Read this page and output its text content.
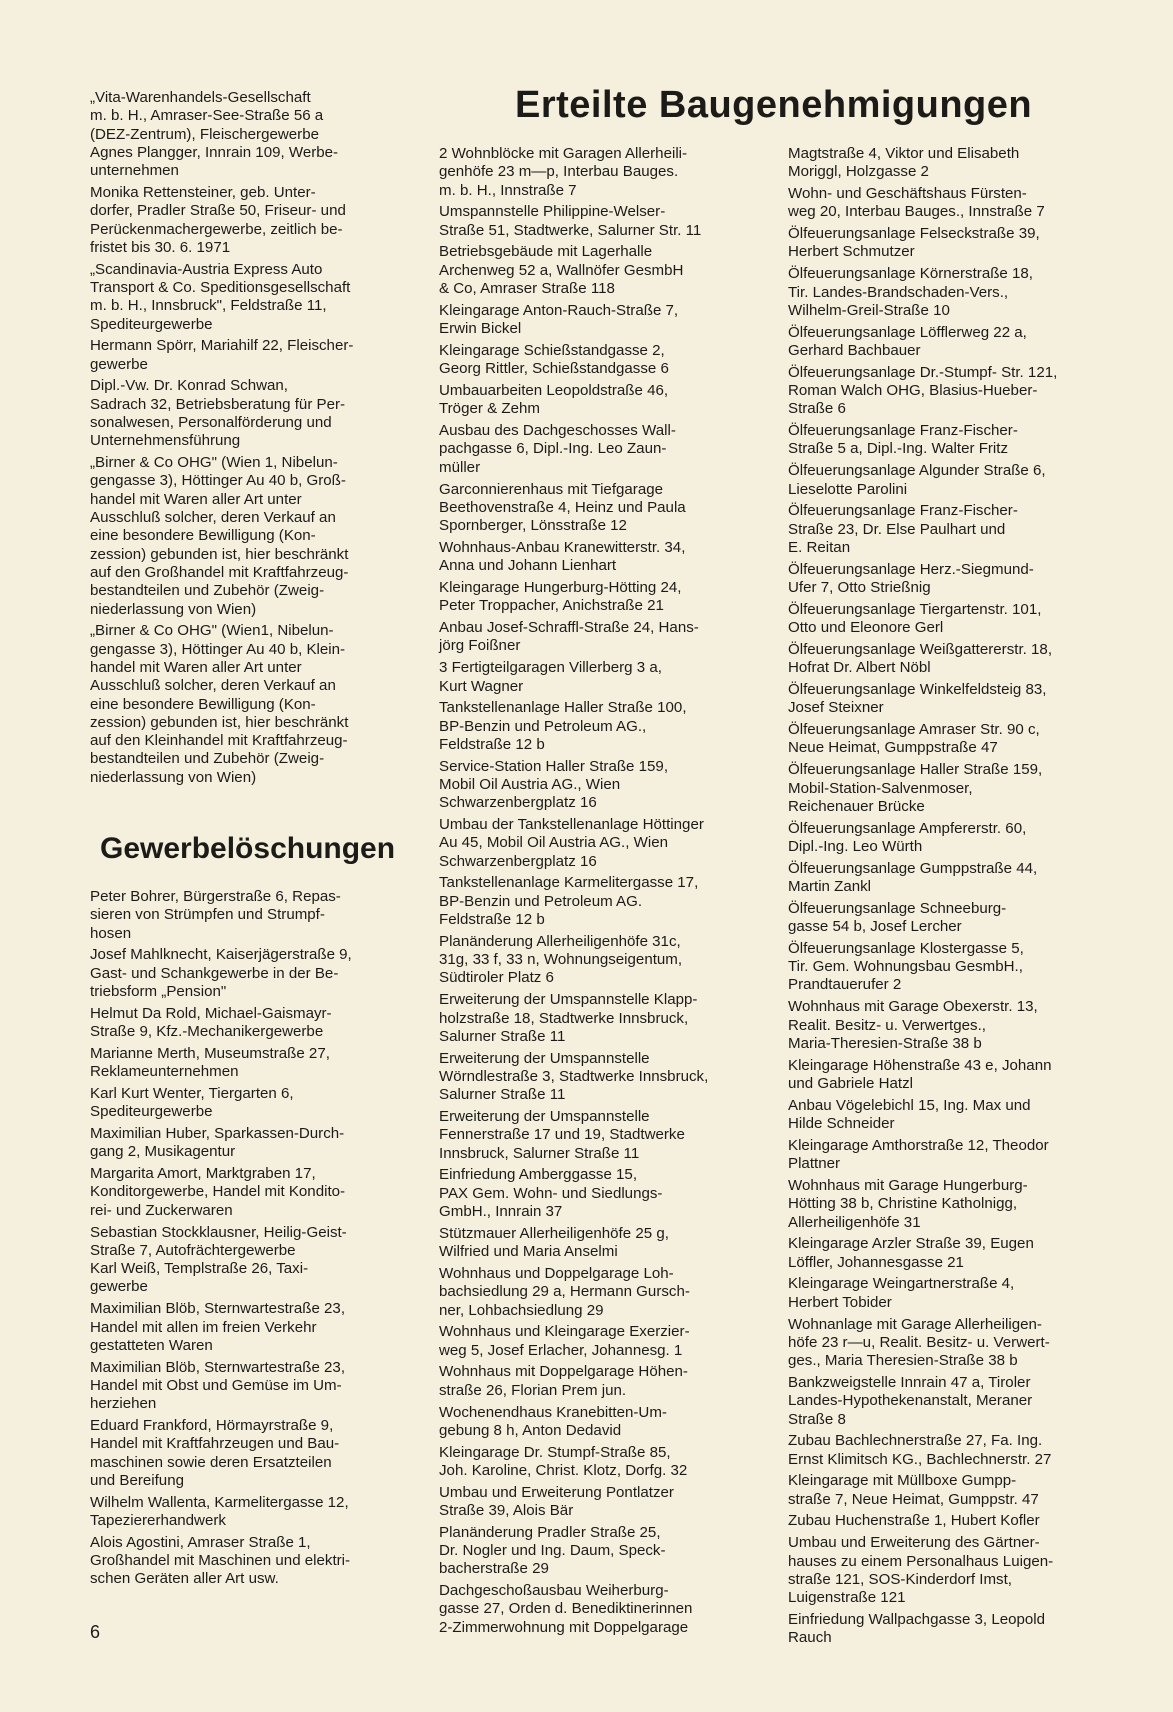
Erteilte Baugenehmigungen

„Vita-Warenhandels-Gesellschaft
m. b. H., Amraser-See-Straße 56 a
(DEZ-Zentrum), Fleischergewerbe
Agnes Plangger, Innrain 109, Werbe-
unternehmen

Monika Rettensteiner, geb. Unter-
dorfer, Pradler Straße 50, Friseur- und
Perückenmachergewerbe, zeitlich be-
fristet bis 30. 6. 1971

„Scandinavia-Austria Express Auto
Transport & Co. Speditionsgesellschaft
m. b. H., Innsbruck", Feldstraße 11,
Spediteurgewerbe

Hermann Spörr, Mariahilf 22, Fleischer-
gewerbe

Dipl.-Vw. Dr. Konrad Schwan,
Sadrach 32, Betriebsberatung für Per-
sonalwesen, Personalförderung und
Unternehmensführung

„Birner & Co OHG" (Wien 1, Nibelun-
gengasse 3), Höttinger Au 40 b, Groß-
handel mit Waren aller Art unter
Ausschluß solcher, deren Verkauf an
eine besondere Bewilligung (Kon-
zession) gebunden ist, hier beschränkt
auf den Großhandel mit Kraftfahrzeug-
bestandteilen und Zubehör (Zweig-
niederlassung von Wien)

„Birner & Co OHG" (Wien1, Nibelun-
gengasse 3), Höttinger Au 40 b, Klein-
handel mit Waren aller Art unter
Ausschluß solcher, deren Verkauf an
eine besondere Bewilligung (Kon-
zession) gebunden ist, hier beschränkt
auf den Kleinhandel mit Kraftfahrzeug-
bestandteilen und Zubehör (Zweig-
niederlassung von Wien)

Gewerbelöschungen

Peter Bohrer, Bürgerstraße 6, Repas-
sieren von Strümpfen und Strumpf-
hosen

Josef Mahlknecht, Kaiserjägerstraße 9,
Gast- und Schankgewerbe in der Be-
triebsform „Pension"

Helmut Da Rold, Michael-Gaismayr-
Straße 9, Kfz.-Mechanikergewerbe

Marianne Merth, Museumstraße 27,
Reklameunternehmen

Karl Kurt Wenter, Tiergarten 6,
Spediteurgewerbe

Maximilian Huber, Sparkassen-Durch-
gang 2, Musikagentur

Margarita Amort, Marktgraben 17,
Konditorgewerbe, Handel mit Kondito-
rei- und Zuckerwaren

Sebastian Stockklausner, Heilig-Geist-
Straße 7, Autofrächtergewerbe
Karl Weiß, Templstraße 26, Taxi-
gewerbe

Maximilian Blöb, Sternwartestraße 23,
Handel mit allen im freien Verkehr
gestatteten Waren

Maximilian Blöb, Sternwartestraße 23,
Handel mit Obst und Gemüse im Um-
herziehen

Eduard Frankford, Hörmayrstraße 9,
Handel mit Kraftfahrzeugen und Bau-
maschinen sowie deren Ersatzteilen
und Bereifung

Wilhelm Wallenta, Karmelitergasse 12,
Tapeziererhandwerk

Alois Agostini, Amraser Straße 1,
Großhandel mit Maschinen und elektri-
schen Geräten aller Art usw.

2 Wohnblöcke mit Garagen Allerheili-
genhöfe 23 m—p, Interbau Bauges.
m. b. H., Innstraße 7

Umspannstelle Philippine-Welser-
Straße 51, Stadtwerke, Salurner Str. 11

Betriebsgebäude mit Lagerhalle
Archenweg 52 a, Wallnöfer GesmbH
& Co, Amraser Straße 118

Kleingarage Anton-Rauch-Straße 7,
Erwin Bickel

Kleingarage Schießstandgasse 2,
Georg Rittler, Schießstandgasse 6

Umbauarbeiten Leopoldstraße 46,
Tröger & Zehm

Ausbau des Dachgeschosses Wall-
pachgasse 6, Dipl.-Ing. Leo Zaun-
müller

Garconnierenhaus mit Tiefgarage
Beethovenstraße 4, Heinz und Paula
Spornberger, Lönsstraße 12

Wohnhaus-Anbau Kranewitterstr. 34,
Anna und Johann Lienhart

Kleingarage Hungerburg-Hötting 24,
Peter Troppacher, Anichstraße 21

Anbau Josef-Schraffl-Straße 24, Hans-
jörg Foißner

3 Fertigteilgaragen Villerberg 3 a,
Kurt Wagner

Tankstellenanlage Haller Straße 100,
BP-Benzin und Petroleum AG.,
Feldstraße 12 b

Service-Station Haller Straße 159,
Mobil Oil Austria AG., Wien
Schwarzenbergplatz 16

Umbau der Tankstellenanlage Höttinger
Au 45, Mobil Oil Austria AG., Wien
Schwarzenbergplatz 16

Tankstellenanlage Karmelitergasse 17,
BP-Benzin und Petroleum AG.
Feldstraße 12 b

Planänderung Allerheiligenhöfe 31c,
31g, 33 f, 33 n, Wohnungseigentum,
Südtiroler Platz 6

Erweiterung der Umspannstelle Klapp-
holzstraße 18, Stadtwerke Innsbruck,
Salurner Straße 11

Erweiterung der Umspannstelle
Wörndlestraße 3, Stadtwerke Innsbruck,
Salurner Straße 11

Erweiterung der Umspannstelle
Fennerstraße 17 und 19, Stadtwerke
Innsbruck, Salurner Straße 11

Einfriedung Amberggasse 15,
PAX Gem. Wohn- und Siedlungs-
GmbH., Innrain 37

Stützmauer Allerheiligenhöfe 25 g,
Wilfried und Maria Anselmi

Wohnhaus und Doppelgarage Loh-
bachsiedlung 29 a, Hermann Gursch-
ner, Lohbachsiedlung 29

Wohnhaus und Kleingarage Exerzier-
weg 5, Josef Erlacher, Johannesg. 1

Wohnhaus mit Doppelgarage Höhen-
straße 26, Florian Prem jun.

Wochenendhaus Kranebitten-Um-
gebung 8 h, Anton Dedavid

Kleingarage Dr. Stumpf-Straße 85,
Joh. Karoline, Christ. Klotz, Dorfg. 32

Umbau und Erweiterung Pontlatzer
Straße 39, Alois Bär

Planänderung Pradler Straße 25,
Dr. Nogler und Ing. Daum, Speck-
bacherstraße 29

Dachgeschoßausbau Weiherburg-
gasse 27, Orden d. Benediktinerinnen
2-Zimmerwohnung mit Doppelgarage

Magtstraße 4, Viktor und Elisabeth
Moriggl, Holzgasse 2

Wohn- und Geschäftshaus Fürsten-
weg 20, Interbau Bauges., Innstraße 7

Ölfeuerungsanlage Felseckstraße 39,
Herbert Schmutzer

Ölfeuerungsanlage Körnerstraße 18,
Tir. Landes-Brandschaden-Vers.,
Wilhelm-Greil-Straße 10

Ölfeuerungsanlage Löfflerweg 22 a,
Gerhard Bachbauer

Ölfeuerungsanlage Dr.-Stumpf- Str. 121,
Roman Walch OHG, Blasius-Hueber-
Straße 6

Ölfeuerungsanlage Franz-Fischer-
Straße 5 a, Dipl.-Ing. Walter Fritz

Ölfeuerungsanlage Algunder Straße 6,
Lieselotte Parolini

Ölfeuerungsanlage Franz-Fischer-
Straße 23, Dr. Else Paulhart und
E. Reitan

Ölfeuerungsanlage Herz.-Siegmund-
Ufer 7, Otto Strießnig

Ölfeuerungsanlage Tiergartenstr. 101,
Otto und Eleonore Gerl

Ölfeuerungsanlage Weißgattererstr. 18,
Hofrat Dr. Albert Nöbl

Ölfeuerungsanlage Winkelfeldsteig 83,
Josef Steixner

Ölfeuerungsanlage Amraser Str. 90 c,
Neue Heimat, Gumppstraße 47

Ölfeuerungsanlage Haller Straße 159,
Mobil-Station-Salvenmoser,
Reichenauer Brücke

Ölfeuerungsanlage Ampfererstr. 60,
Dipl.-Ing. Leo Würth

Ölfeuerungsanlage Gumppstraße 44,
Martin Zankl

Ölfeuerungsanlage Schneeburg-
gasse 54 b, Josef Lercher

Ölfeuerungsanlage Klostergasse 5,
Tir. Gem. Wohnungsbau GesmbH.,
Prandtauerufer 2

Wohnhaus mit Garage Obexerstr. 13,
Realit. Besitz- u. Verwertges.,
Maria-Theresien-Straße 38 b

Kleingarage Höhenstraße 43 e, Johann
und Gabriele Hatzl

Anbau Vögelebichl 15, Ing. Max und
Hilde Schneider

Kleingarage Amthorstraße 12, Theodor
Plattner

Wohnhaus mit Garage Hungerburg-
Hötting 38 b, Christine Katholnigg,
Allerheiligenhöfe 31

Kleingarage Arzler Straße 39, Eugen
Löffler, Johannesgasse 21

Kleingarage Weingartnerstraße 4,
Herbert Tobider

Wohnanlage mit Garage Allerheiligen-
höfe 23 r—u, Realit. Besitz- u. Verwert-
ges., Maria Theresien-Straße 38 b

Bankzweigstelle Innrain 47 a, Tiroler
Landes-Hypothekenanstalt, Meraner
Straße 8

Zubau Bachlechnerstraße 27, Fa. Ing.
Ernst Klimitsch KG., Bachlechnerstr. 27

Kleingarage mit Müllboxe Gumpp-
straße 7, Neue Heimat, Gumppstr. 47

Zubau Huchenstraße 1, Hubert Kofler

Umbau und Erweiterung des Gärtner-
hauses zu einem Personalhaus Luigen-
straße 121, SOS-Kinderdorf Imst,
Luigenstraße 121

Einfriedung Wallpachgasse 3, Leopold
Rauch

6
